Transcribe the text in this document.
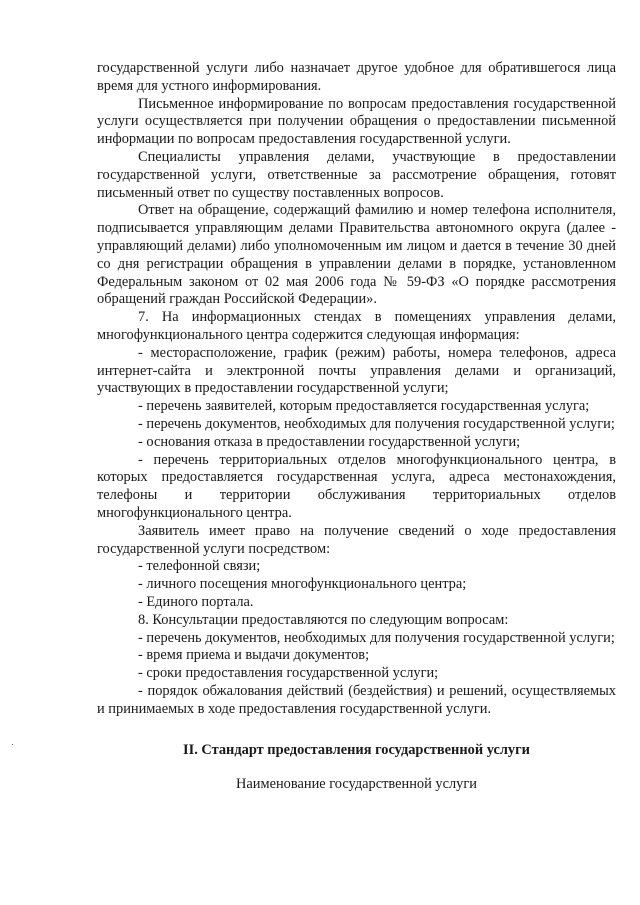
государственной услуги либо назначает другое удобное для обратившегося лица время для устного информирования.

Письменное информирование по вопросам предоставления государственной услуги осуществляется при получении обращения о предоставлении письменной информации по вопросам предоставления государственной услуги.

Специалисты управления делами, участвующие в предоставлении государственной услуги, ответственные за рассмотрение обращения, готовят письменный ответ по существу поставленных вопросов.

Ответ на обращение, содержащий фамилию и номер телефона исполнителя, подписывается управляющим делами Правительства автономного округа (далее - управляющий делами) либо уполномоченным им лицом и дается в течение 30 дней со дня регистрации обращения в управлении делами в порядке, установленном Федеральным законом от 02 мая 2006 года № 59-ФЗ «О порядке рассмотрения обращений граждан Российской Федерации».

7. На информационных стендах в помещениях управления делами, многофункционального центра содержится следующая информация:

- месторасположение, график (режим) работы, номера телефонов, адреса интернет-сайта и электронной почты управления делами и организаций, участвующих в предоставлении государственной услуги;

- перечень заявителей, которым предоставляется государственная услуга;

- перечень документов, необходимых для получения государственной услуги;

- основания отказа в предоставлении государственной услуги;

- перечень территориальных отделов многофункционального центра, в которых предоставляется государственная услуга, адреса местонахождения, телефоны и территории обслуживания территориальных отделов многофункционального центра.

Заявитель имеет право на получение сведений о ходе предоставления государственной услуги посредством:

- телефонной связи;

- личного посещения многофункционального центра;

- Единого портала.

8. Консультации предоставляются по следующим вопросам:

- перечень документов, необходимых для получения государственной услуги;

- время приема и выдачи документов;

- сроки предоставления государственной услуги;

- порядок обжалования действий (бездействия) и решений, осуществляемых и принимаемых в ходе предоставления государственной услуги.

II. Стандарт предоставления государственной услуги

Наименование государственной услуги
